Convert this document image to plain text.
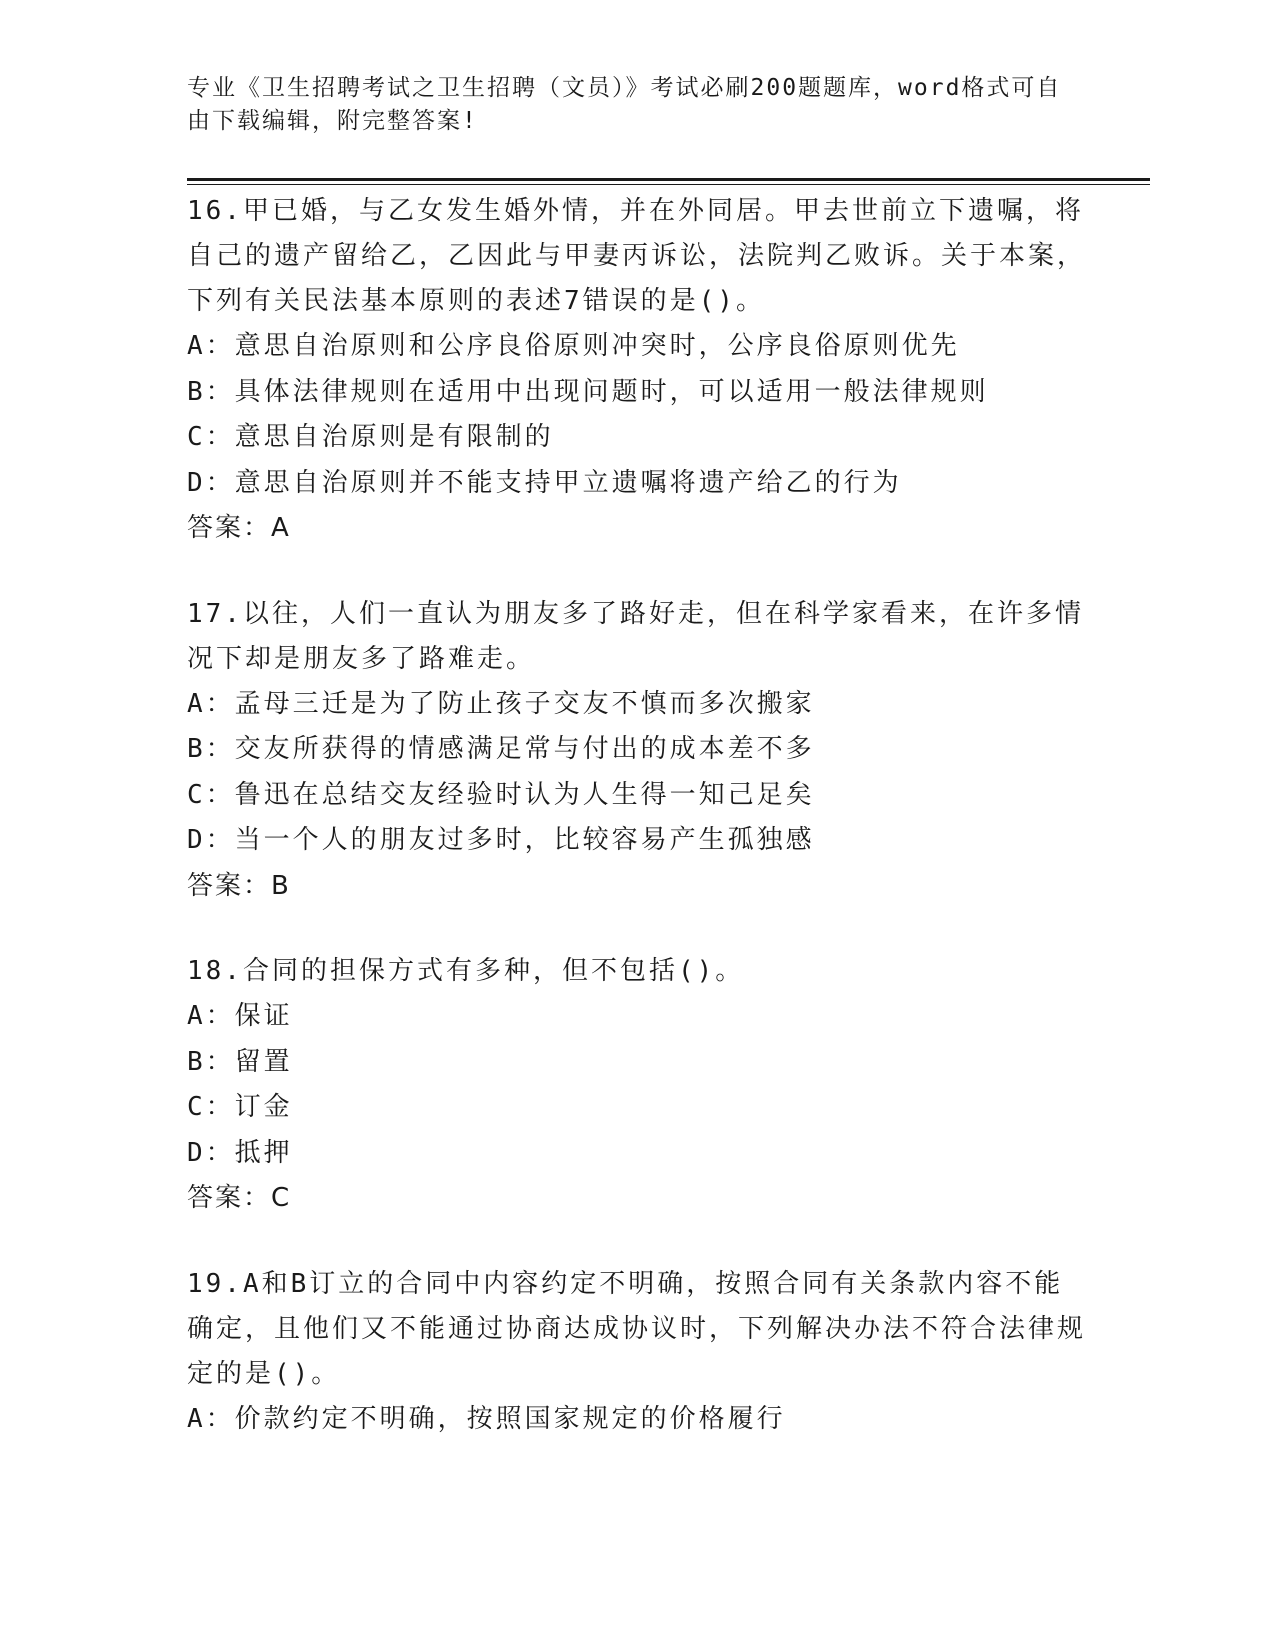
专业《卫生招聘考试之卫生招聘（文员）》考试必刷200题题库，word格式可自由下载编辑，附完整答案!
16.甲已婚，与乙女发生婚外情，并在外同居。甲去世前立下遗嘱，将自己的遗产留给乙，乙因此与甲妻丙诉讼，法院判乙败诉。关于本案，下列有关民法基本原则的表述7错误的是()。
A：意思自治原则和公序良俗原则冲突时，公序良俗原则优先
B：具体法律规则在适用中出现问题时，可以适用一般法律规则
C：意思自治原则是有限制的
D：意思自治原则并不能支持甲立遗嘱将遗产给乙的行为
答案：A
17.以往，人们一直认为朋友多了路好走，但在科学家看来，在许多情况下却是朋友多了路难走。
A：孟母三迁是为了防止孩子交友不慎而多次搬家
B：交友所获得的情感满足常与付出的成本差不多
C：鲁迅在总结交友经验时认为人生得一知己足矣
D：当一个人的朋友过多时，比较容易产生孤独感
答案：B
18.合同的担保方式有多种，但不包括()。
A：保证
B：留置
C：订金
D：抵押
答案：C
19.A和B订立的合同中内容约定不明确，按照合同有关条款内容不能确定，且他们又不能通过协商达成协议时，下列解决办法不符合法律规定的是()。
A：价款约定不明确，按照国家规定的价格履行
